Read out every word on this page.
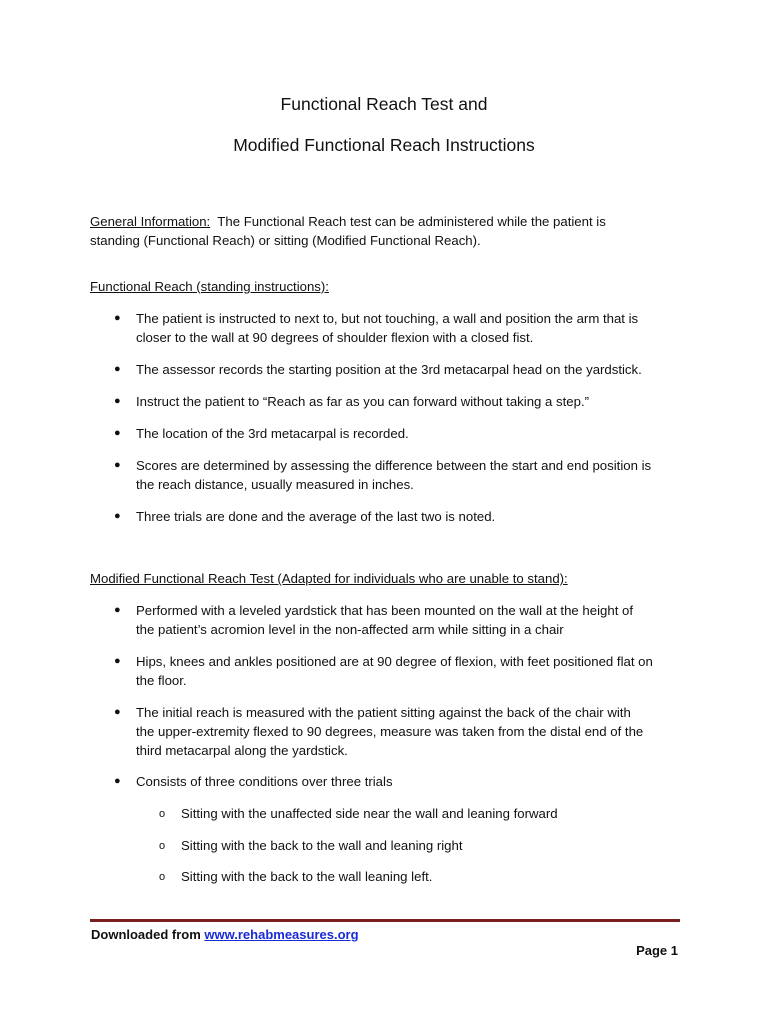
Functional Reach Test and
Modified Functional Reach Instructions

General Information:  The Functional Reach test can be administered while the patient is
standing (Functional Reach) or sitting (Modified Functional Reach).

Functional Reach (standing instructions):

● The patient is instructed to next to, but not touching, a wall and position the arm that is
closer to the wall at 90 degrees of shoulder flexion with a closed fist.
● The assessor records the starting position at the 3rd metacarpal head on the yardstick.
● Instruct the patient to “Reach as far as you can forward without taking a step.”
● The location of the 3rd metacarpal is recorded.
● Scores are determined by assessing the difference between the start and end position is
the reach distance, usually measured in inches.
● Three trials are done and the average of the last two is noted.

Modified Functional Reach Test (Adapted for individuals who are unable to stand):

● Performed with a leveled yardstick that has been mounted on the wall at the height of
the patient’s acromion level in the non-affected arm while sitting in a chair
● Hips, knees and ankles positioned are at 90 degree of flexion, with feet positioned flat on
the floor.
● The initial reach is measured with the patient sitting against the back of the chair with
the upper-extremity flexed to 90 degrees, measure was taken from the distal end of the
third metacarpal along the yardstick.
● Consists of three conditions over three trials
o Sitting with the unaffected side near the wall and leaning forward
o Sitting with the back to the wall and leaning right
o Sitting with the back to the wall leaning left.
Downloaded from www.rehabmeasures.org
Page 1
